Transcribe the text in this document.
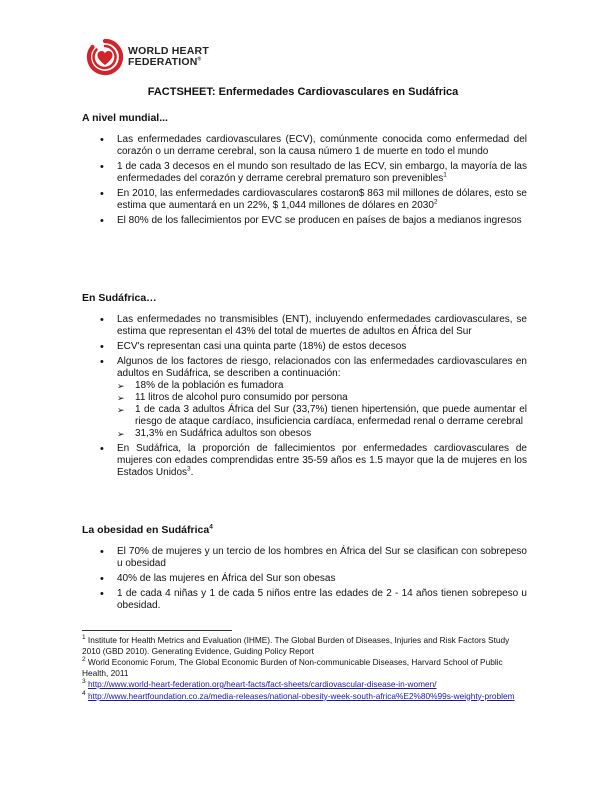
WORLD HEART
FEDERATION®
FACTSHEET: Enfermedades Cardiovasculares en Sudáfrica
A nivel mundial...
• Las enfermedades cardiovasculares (ECV), comúnmente conocida como enfermedad del corazón o un derrame cerebral, son la causa número 1 de muerte en todo el mundo
• 1 de cada 3 decesos en el mundo son resultado de las ECV, sin embargo, la mayoría de las enfermedades del corazón y derrame cerebral prematuro son prevenibles$^1$
• En 2010, las enfermedades cardiovasculares costaron$ 863 mil millones de dólares, esto se estima que aumentará en un 22%, $ 1,044 millones de dólares en 2030$^2$
• El 80% de los fallecimientos por EVC se producen en países de bajos a medianos ingresos
En Sudáfrica…
• Las enfermedades no transmisibles (ENT), incluyendo enfermedades cardiovasculares, se estima que representan el 43% del total de muertes de adultos en África del Sur
• ECV's representan casi una quinta parte (18%) de estos decesos
• Algunos de los factores de riesgo, relacionados con las enfermedades cardiovasculares en adultos en Sudáfrica, se describen a continuación:
➢ 18% de la población es fumadora
➢ 11 litros de alcohol puro consumido por persona
➢ 1 de cada 3 adultos África del Sur (33,7%) tienen hipertensión, que puede aumentar el riesgo de ataque cardíaco, insuficiencia cardíaca, enfermedad renal o derrame cerebral
➢ 31,3% en Sudáfrica adultos son obesos
• En Sudáfrica, la proporción de fallecimientos por enfermedades cardiovasculares de mujeres con edades comprendidas entre 35-59 años es 1.5 mayor que la de mujeres en los Estados Unidos$^3$.
La obesidad en Sudáfrica$^4$
• El 70% de mujeres y un tercio de los hombres en África del Sur se clasifican con sobrepeso u obesidad
• 40% de las mujeres en África del Sur son obesas
• 1 de cada 4 niñas y 1 de cada 5 niños entre las edades de 2 - 14 años tienen sobrepeso u obesidad.

$^1$ Institute for Health Metrics and Evaluation (IHME). The Global Burden of Diseases, Injuries and Risk Factors Study 2010 (GBD 2010). Generating Evidence, Guiding Policy Report

$^2$ World Economic Forum, The Global Economic Burden of Non-communicable Diseases, Harvard School of Public Health, 2011

$^3$ http://www.world-heart-federation.org/heart-facts/fact-sheets/cardiovascular-disease-in-women/

$^4$ http://www.heartfoundation.co.za/media-releases/national-obesity-week-south-africa%E2%80%99s-weighty-problem
